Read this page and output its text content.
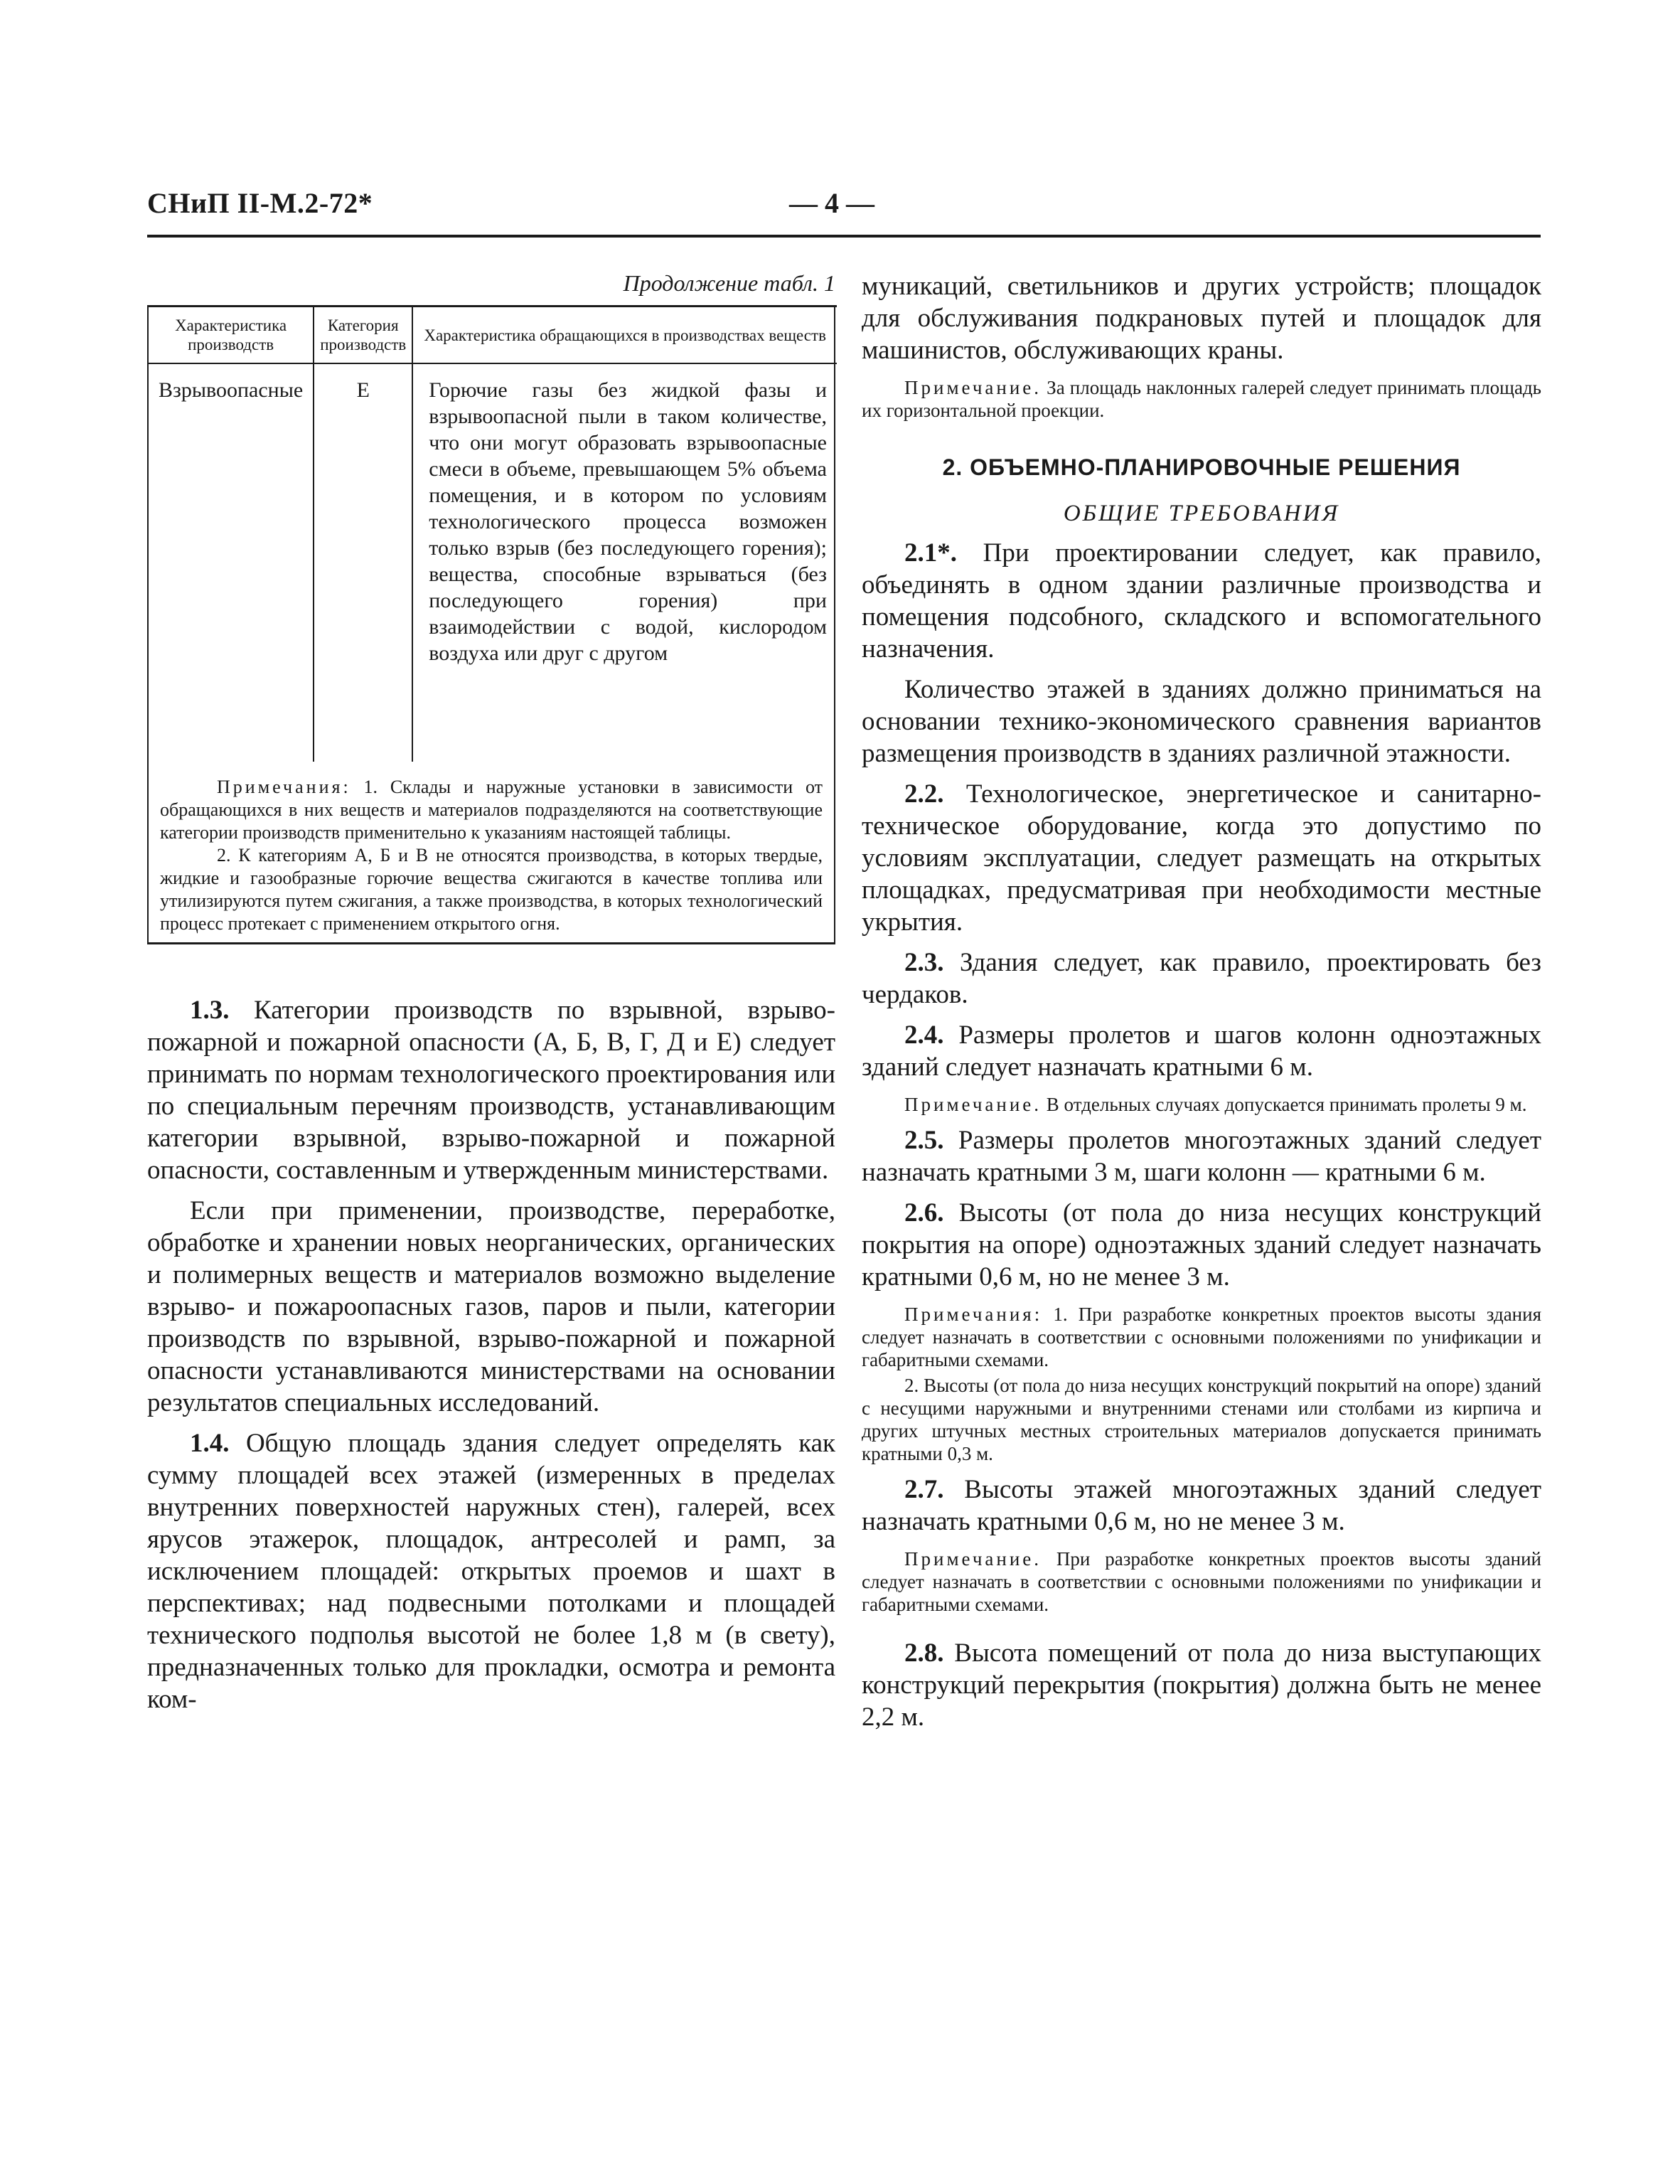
СНиП II-М.2-72*	— 4 —
Продолжение табл. 1
Характеристика производств	Категория производств	Характеристика обращающихся в производствах веществ
Взрывоопасные	Е	Горючие газы без жидкой фазы и взрывоопасной пыли в таком количестве, что они могут образовать взрывоопасные смеси в объеме, превышающем 5% объема помещения, и в котором по условиям технологического процесса возможен только взрыв (без последующего горения); вещества, способные взрываться (без последующего горения) при взаимодействии с водой, кислородом воздуха или друг с другом

Примечания: 1. Склады и наружные установки в зависимости от обращающихся в них веществ и материалов подразделяются на соответствующие категории производств применительно к указаниям настоящей таблицы.

2. К категориям А, Б и В не относятся производства, в которых твердые, жидкие и газообразные горючие вещества сжигаются в качестве топлива или утилизируются путем сжигания, а также производства, в которых технологический процесс протекает с применением открытого огня.

1.3. Категории производств по взрывной, взрыво-пожарной и пожарной опасности (А, Б, В, Г, Д и Е) следует принимать по нормам технологического проектирования или по специальным перечням производств, устанавливающим категории взрывной, взрыво-пожарной и пожарной опасности, составленным и утвержденным министерствами.

Если при применении, производстве, переработке, обработке и хранении новых неорганических, органических и полимерных веществ и материалов возможно выделение взрыво- и пожароопасных газов, паров и пыли, категории производств по взрывной, взрыво-пожарной и пожарной опасности устанавливаются министерствами на основании результатов специальных исследований.

1.4. Общую площадь здания следует определять как сумму площадей всех этажей (измеренных в пределах внутренних поверхностей наружных стен), галерей, всех ярусов этажерок, площадок, антресолей и рамп, за исключением площадей: открытых проемов и шахт в перспективах; над подвесными потолками и площадей технического подполья высотой не более 1,8 м (в свету), предназначенных только для прокладки, осмотра и ремонта ком-

муникаций, светильников и других устройств; площадок для обслуживания подкрановых путей и площадок для машинистов, обслуживающих краны.

Примечание. За площадь наклонных галерей следует принимать площадь их горизонтальной проекции.

2. ОБЪЕМНО-ПЛАНИРОВОЧНЫЕ РЕШЕНИЯ
ОБЩИЕ ТРЕБОВАНИЯ

2.1*. При проектировании следует, как правило, объединять в одном здании различные производства и помещения подсобного, складского и вспомогательного назначения.

Количество этажей в зданиях должно приниматься на основании технико-экономического сравнения вариантов размещения производств в зданиях различной этажности.

2.2. Технологическое, энергетическое и санитарно-техническое оборудование, когда это допустимо по условиям эксплуатации, следует размещать на открытых площадках, предусматривая при необходимости местные укрытия.

2.3. Здания следует, как правило, проектировать без чердаков.

2.4. Размеры пролетов и шагов колонн одноэтажных зданий следует назначать кратными 6 м.

Примечание. В отдельных случаях допускается принимать пролеты 9 м.

2.5. Размеры пролетов многоэтажных зданий следует назначать кратными 3 м, шаги колонн — кратными 6 м.

2.6. Высоты (от пола до низа несущих конструкций покрытия на опоре) одноэтажных зданий следует назначать кратными 0,6 м, но не менее 3 м.

Примечания: 1. При разработке конкретных проектов высоты здания следует назначать в соответствии с основными положениями по унификации и габаритными схемами.

2. Высоты (от пола до низа несущих конструкций покрытий на опоре) зданий с несущими наружными и внутренними стенами или столбами из кирпича и других штучных местных строительных материалов допускается принимать кратными 0,3 м.

2.7. Высоты этажей многоэтажных зданий следует назначать кратными 0,6 м, но не менее 3 м.

Примечание. При разработке конкретных проектов высоты зданий следует назначать в соответствии с основными положениями по унификации и габаритными схемами.

2.8. Высота помещений от пола до низа выступающих конструкций перекрытия (покрытия) должна быть не менее 2,2 м.
